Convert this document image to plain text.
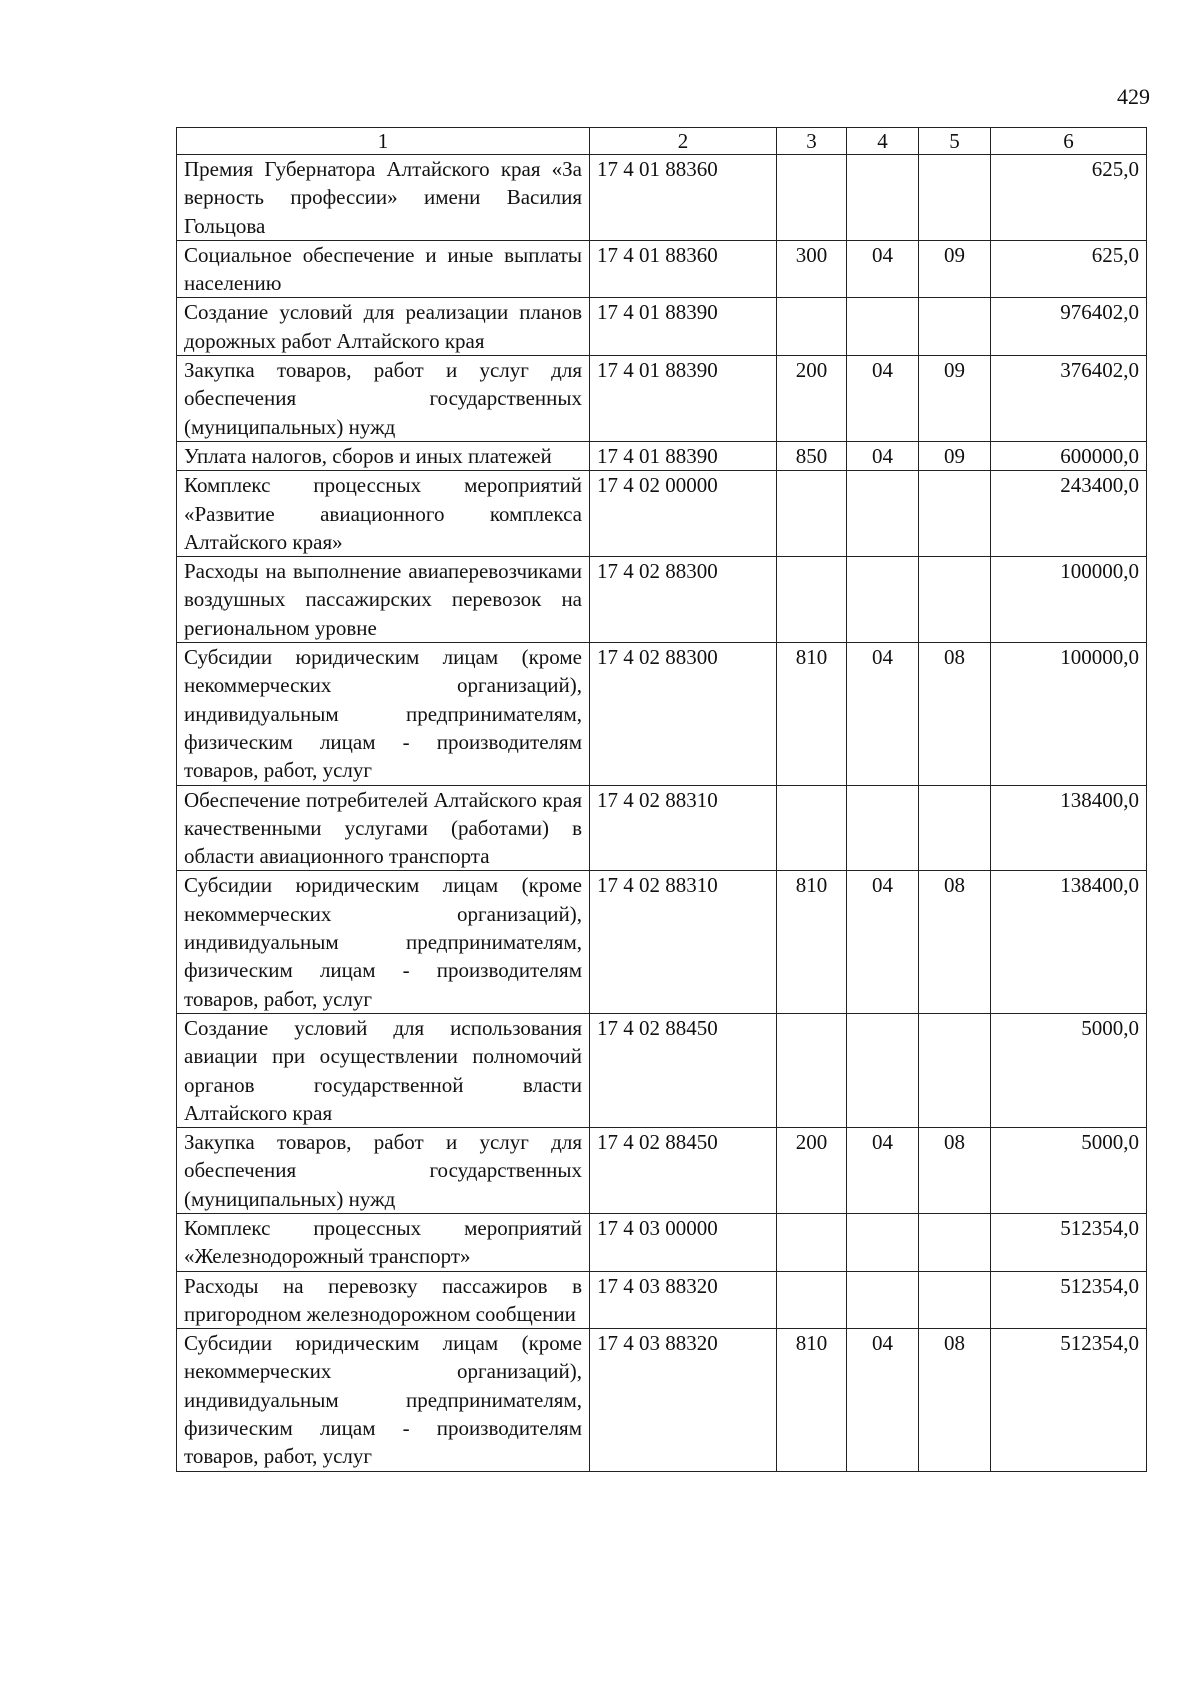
429
1	2	3	4	5	6
Премия Губернатора Алтайского края «За верность профессии» имени Василия Гольцова	17 4 01 88360				625,0
Социальное обеспечение и иные выплаты населению	17 4 01 88360	300	04	09	625,0
Создание условий для реализации планов дорожных работ Алтайского края	17 4 01 88390				976402,0
Закупка товаров, работ и услуг для обеспечения государственных (муниципальных) нужд	17 4 01 88390	200	04	09	376402,0
Уплата налогов, сборов и иных платежей	17 4 01 88390	850	04	09	600000,0
Комплекс процессных мероприятий «Развитие авиационного комплекса Алтайского края»	17 4 02 00000				243400,0
Расходы на выполнение авиаперевозчиками воздушных пассажирских перевозок на региональном уровне	17 4 02 88300				100000,0
Субсидии юридическим лицам (кроме некоммерческих организаций), индивидуальным предпринимателям, физическим лицам - производителям товаров, работ, услуг	17 4 02 88300	810	04	08	100000,0
Обеспечение потребителей Алтайского края качественными услугами (работами) в области авиационного транспорта	17 4 02 88310				138400,0
Субсидии юридическим лицам (кроме некоммерческих организаций), индивидуальным предпринимателям, физическим лицам - производителям товаров, работ, услуг	17 4 02 88310	810	04	08	138400,0
Создание условий для использования авиации при осуществлении полномочий органов государственной власти Алтайского края	17 4 02 88450				5000,0
Закупка товаров, работ и услуг для обеспечения государственных (муниципальных) нужд	17 4 02 88450	200	04	08	5000,0
Комплекс процессных мероприятий «Железнодорожный транспорт»	17 4 03 00000				512354,0
Расходы на перевозку пассажиров в пригородном железнодорожном сообщении	17 4 03 88320				512354,0
Субсидии юридическим лицам (кроме некоммерческих организаций), индивидуальным предпринимателям, физическим лицам - производителям товаров, работ, услуг	17 4 03 88320	810	04	08	512354,0
